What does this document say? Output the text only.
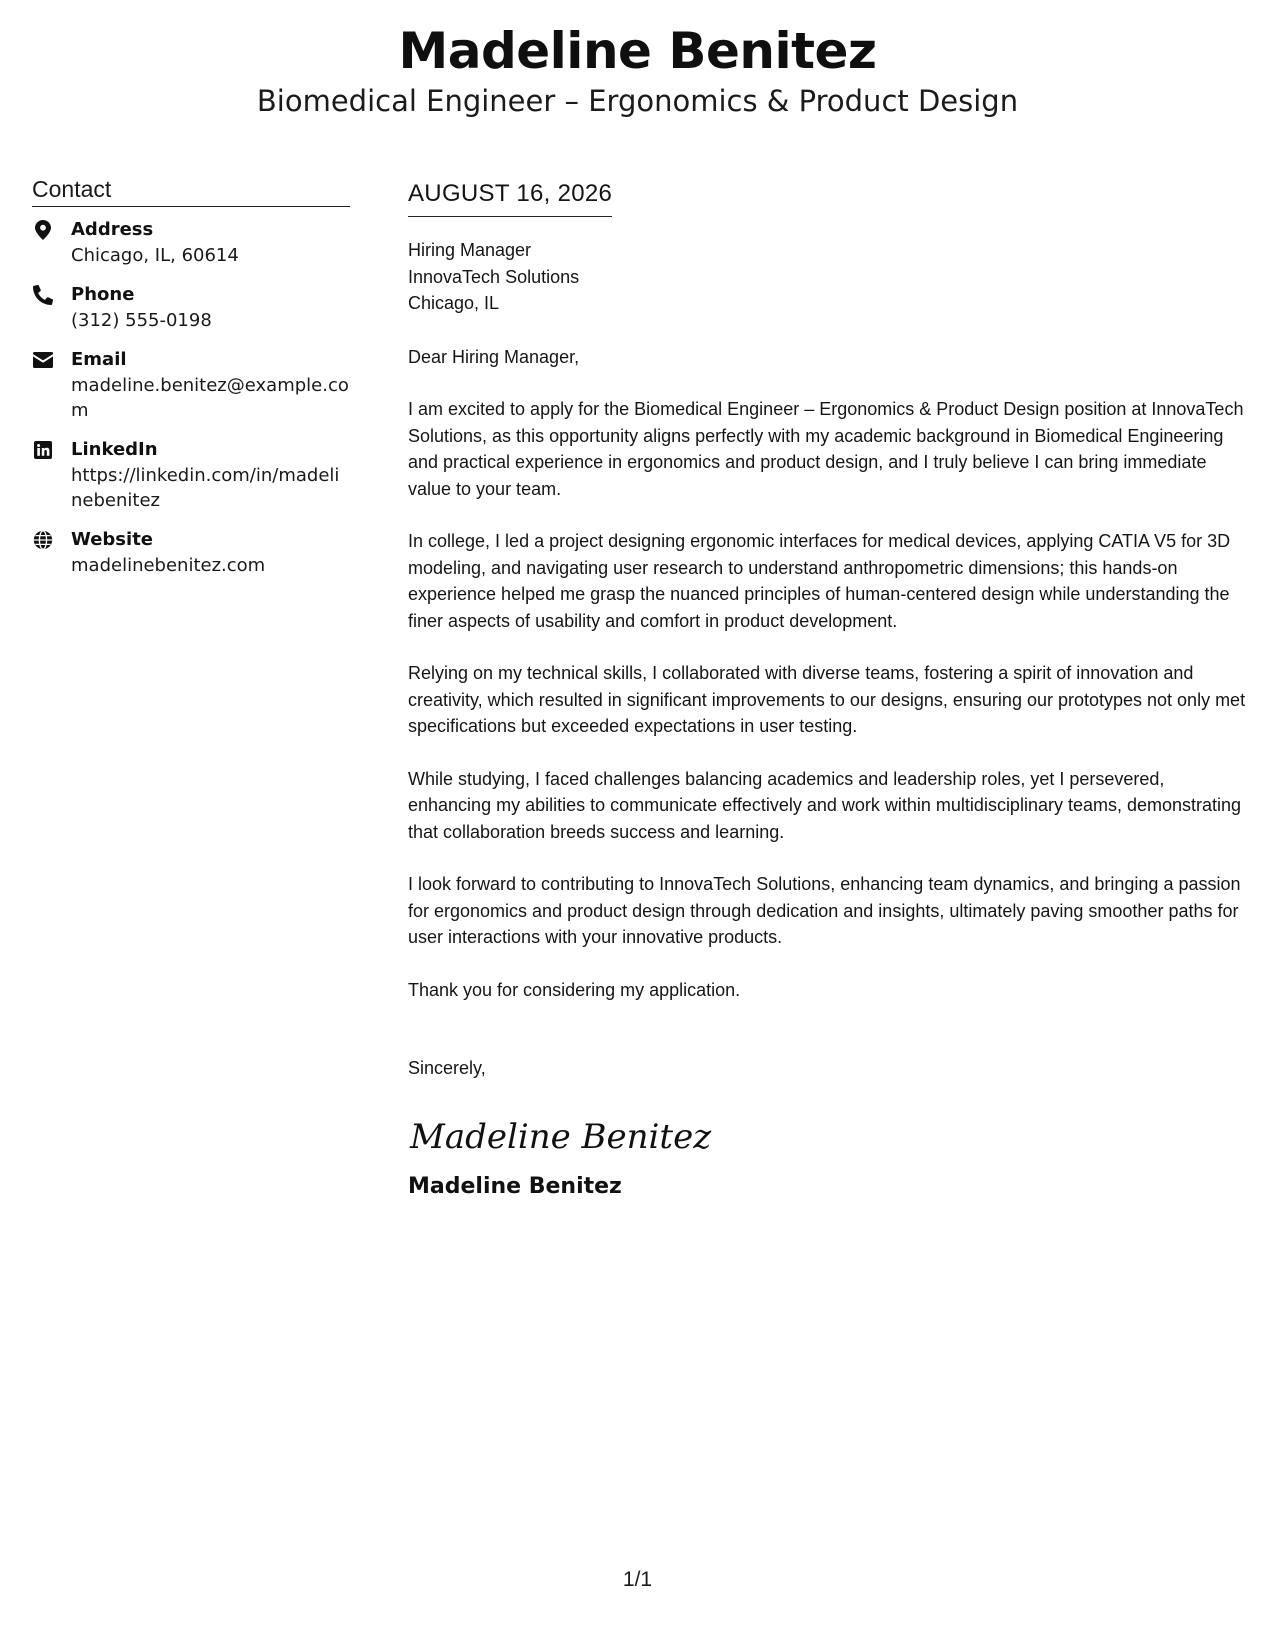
Madeline Benitez
Biomedical Engineer – Ergonomics & Product Design
Contact
Address
Chicago, IL, 60614
Phone
(312) 555-0198
Email
madeline.benitez@example.com
LinkedIn
https://linkedin.com/in/madelinebenitez
Website
madelinebenitez.com
AUGUST 16, 2026
Hiring Manager
InnovaTech Solutions
Chicago, IL
Dear Hiring Manager,
I am excited to apply for the Biomedical Engineer – Ergonomics & Product Design position at InnovaTech Solutions, as this opportunity aligns perfectly with my academic background in Biomedical Engineering and practical experience in ergonomics and product design, and I truly believe I can bring immediate value to your team.
In college, I led a project designing ergonomic interfaces for medical devices, applying CATIA V5 for 3D modeling, and navigating user research to understand anthropometric dimensions; this hands-on experience helped me grasp the nuanced principles of human-centered design while understanding the finer aspects of usability and comfort in product development.
Relying on my technical skills, I collaborated with diverse teams, fostering a spirit of innovation and creativity, which resulted in significant improvements to our designs, ensuring our prototypes not only met specifications but exceeded expectations in user testing.
While studying, I faced challenges balancing academics and leadership roles, yet I persevered, enhancing my abilities to communicate effectively and work within multidisciplinary teams, demonstrating that collaboration breeds success and learning.
I look forward to contributing to InnovaTech Solutions, enhancing team dynamics, and bringing a passion for ergonomics and product design through dedication and insights, ultimately paving smoother paths for user interactions with your innovative products.
Thank you for considering my application.
Sincerely,
Madeline Benitez
Madeline Benitez
1/1
